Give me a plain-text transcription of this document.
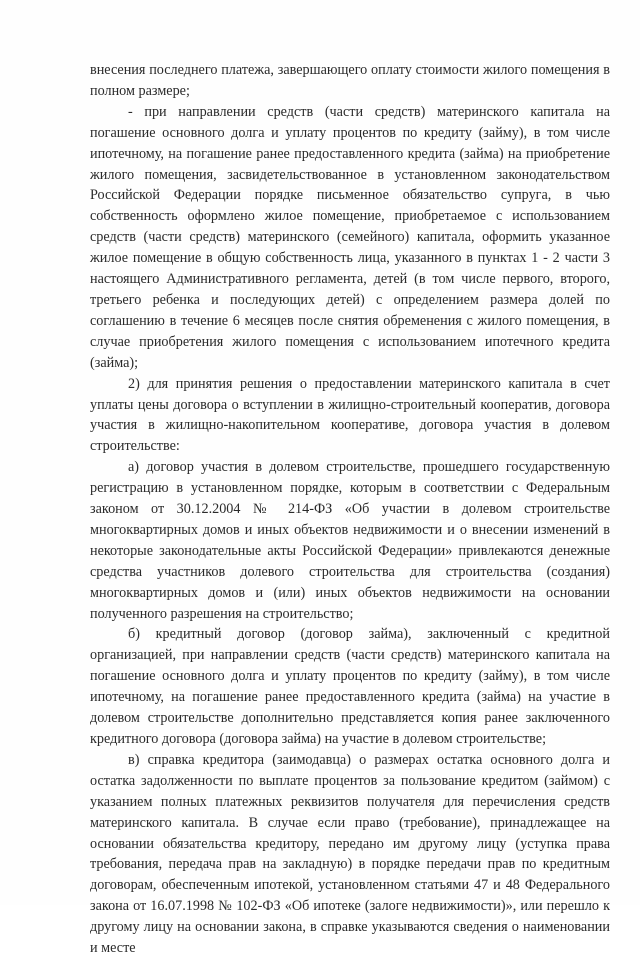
внесения последнего платежа, завершающего оплату стоимости жилого помещения в полном размере;

- при направлении средств (части средств) материнского капитала на погашение основного долга и уплату процентов по кредиту (займу), в том числе ипотечному, на погашение ранее предоставленного кредита (займа) на приобретение жилого помещения, засвидетельствованное в установленном законодательством Российской Федерации порядке письменное обязательство супруга, в чью собственность оформлено жилое помещение, приобретаемое с использованием средств (части средств) материнского (семейного) капитала, оформить указанное жилое помещение в общую собственность лица, указанного в пунктах 1 - 2 части 3 настоящего Административного регламента, детей (в том числе первого, второго, третьего ребенка и последующих детей) с определением размера долей по соглашению в течение 6 месяцев после снятия обременения с жилого помещения, в случае приобретения жилого помещения с использованием ипотечного кредита (займа);

2) для принятия решения о предоставлении материнского капитала в счет уплаты цены договора о вступлении в жилищно-строительный кооператив, договора участия в жилищно-накопительном кооперативе, договора участия в долевом строительстве:

а) договор участия в долевом строительстве, прошедшего государственную регистрацию в установленном порядке, которым в соответствии с Федеральным законом от 30.12.2004 № 214-ФЗ «Об участии в долевом строительстве многоквартирных домов и иных объектов недвижимости и о внесении изменений в некоторые законодательные акты Российской Федерации» привлекаются денежные средства участников долевого строительства для строительства (создания) многоквартирных домов и (или) иных объектов недвижимости на основании полученного разрешения на строительство;

б) кредитный договор (договор займа), заключенный с кредитной организацией, при направлении средств (части средств) материнского капитала на погашение основного долга и уплату процентов по кредиту (займу), в том числе ипотечному, на погашение ранее предоставленного кредита (займа) на участие в долевом строительстве дополнительно представляется копия ранее заключенного кредитного договора (договора займа) на участие в долевом строительстве;

в) справка кредитора (заимодавца) о размерах остатка основного долга и остатка задолженности по выплате процентов за пользование кредитом (займом) с указанием полных платежных реквизитов получателя для перечисления средств материнского капитала. В случае если право (требование), принадлежащее на основании обязательства кредитору, передано им другому лицу (уступка права требования, передача прав на закладную) в порядке передачи прав по кредитным договорам, обеспеченным ипотекой, установленном статьями 47 и 48 Федерального закона от 16.07.1998 № 102-ФЗ «Об ипотеке (залоге недвижимости)», или перешло к другому лицу на основании закона, в справке указываются сведения о наименовании и месте
